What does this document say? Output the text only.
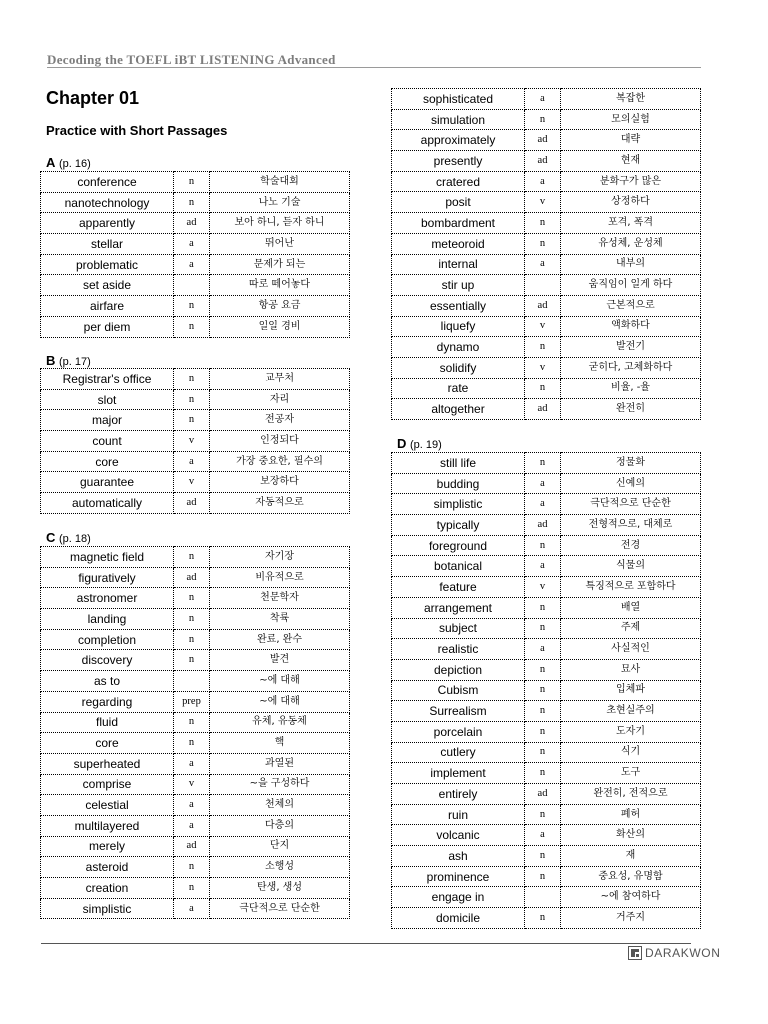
Decoding the TOEFL iBT LISTENING Advanced
Chapter 01
Practice with Short Passages
A (p. 16)
conference	n	학술대회
nanotechnology	n	나노 기술
apparently	ad	보아 하니, 듣자 하니
stellar	a	뛰어난
problematic	a	문제가 되는
set aside		따로 떼어놓다
airfare	n	항공 요금
per diem	n	일일 경비
B (p. 17)
Registrar's office	n	교무처
slot	n	자리
major	n	전공자
count	v	인정되다
core	a	가장 중요한, 필수의
guarantee	v	보장하다
automatically	ad	자동적으로
C (p. 18)
magnetic field	n	자기장
figuratively	ad	비유적으로
astronomer	n	천문학자
landing	n	착륙
completion	n	완료, 완수
discovery	n	발견
as to		~에 대해
regarding	prep	~에 대해
fluid	n	유체, 유동체
core	n	핵
superheated	a	과열된
comprise	v	~을 구성하다
celestial	a	천체의
multilayered	a	다층의
merely	ad	단지
asteroid	n	소행성
creation	n	탄생, 생성
simplistic	a	극단적으로 단순한
sophisticated	a	복잡한
simulation	n	모의실험
approximately	ad	대략
presently	ad	현재
cratered	a	분화구가 많은
posit	v	상정하다
bombardment	n	포격, 폭격
meteoroid	n	유성체, 운성체
internal	a	내부의
stir up		움직임이 일게 하다
essentially	ad	근본적으로
liquefy	v	액화하다
dynamo	n	발전기
solidify	v	굳히다, 고체화하다
rate	n	비율, -율
altogether	ad	완전히
D (p. 19)
still life	n	정물화
budding	a	신예의
simplistic	a	극단적으로 단순한
typically	ad	전형적으로, 대체로
foreground	n	전경
botanical	a	식물의
feature	v	특징적으로 포함하다
arrangement	n	배열
subject	n	주제
realistic	a	사실적인
depiction	n	묘사
Cubism	n	입체파
Surrealism	n	초현실주의
porcelain	n	도자기
cutlery	n	식기
implement	n	도구
entirely	ad	완전히, 전적으로
ruin	n	폐허
volcanic	a	화산의
ash	n	재
prominence	n	중요성, 유명함
engage in		~에 참여하다
domicile	n	거주지
DARAKWON
